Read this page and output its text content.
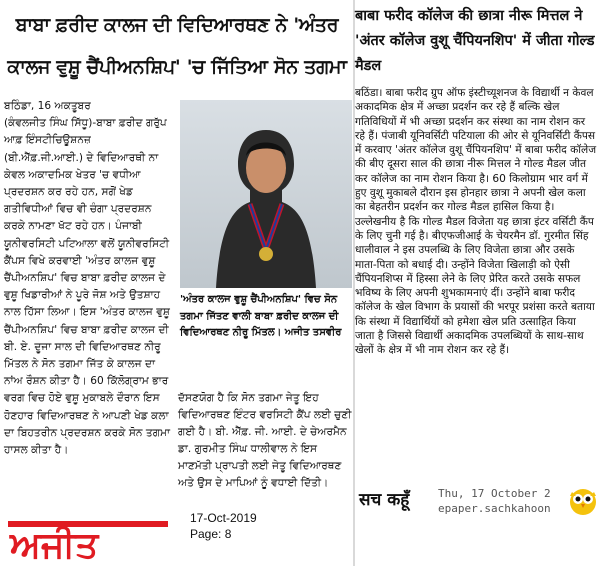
ਬਾਬਾ ਫ਼ਰੀਦ ਕਾਲਜ ਦੀ ਵਿਦਿਆਰਥਣ ਨੇ 'ਅੰਤਰ ਕਾਲਜ ਵੁਸ਼ੂ ਚੈਂਪੀਅਨਸ਼ਿਪ' 'ਚ ਜਿੱਤਿਆ ਸੋਨ ਤਗਮਾ
ਬਠਿੰਡਾ, 16 ਅਕਤੂਬਰ
(ਕੰਵਲਜੀਤ ਸਿੰਘ ਸਿੱਧੂ)-ਬਾਬਾ ਫ਼ਰੀਦ ਗਰੁੱਪ ਆਫ਼ ਇੰਸਟੀਚਿਊਸ਼ਨਜ਼ (ਬੀ.ਐੱਫ਼.ਜੀ.ਆਈ.) ਦੇ ਵਿਦਿਆਰਥੀ ਨਾ ਕੇਵਲ ਅਕਾਦਮਿਕ ਖੇਤਰ 'ਚ ਵਧੀਆ ਪ੍ਰਦਰਸ਼ਨ ਕਰ ਰਹੇ ਹਨ, ਸਗੋਂ ਖੇਡ ਗਤੀਵਿਧੀਆਂ ਵਿਚ ਵੀ ਚੰਗਾ ਪ੍ਰਦਰਸ਼ਨ ਕਰਕੇ ਨਾਮਣਾ ਖੱਟ ਰਹੇ ਹਨ। ਪੰਜਾਬੀ ਯੂਨੀਵਰਸਿਟੀ ਪਟਿਆਲਾ ਵਲੋਂ ਯੂਨੀਵਰਸਿਟੀ ਕੈਂਪਸ ਵਿਖੇ ਕਰਵਾਈ 'ਅੰਤਰ ਕਾਲਜ ਵੁਸ਼ੂ ਚੈਂਪੀਅਨਸ਼ਿਪ' ਵਿਚ ਬਾਬਾ ਫ਼ਰੀਦ ਕਾਲਜ ਦੇ ਵੁਸ਼ੂ ਖਿਡਾਰੀਆਂ ਨੇ ਪੂਰੇ ਜੋਸ਼ ਅਤੇ ਉਤਸ਼ਾਹ ਨਾਲ ਹਿੱਸਾ ਲਿਆ। ਇਸ 'ਅੰਤਰ ਕਾਲਜ ਵੁਸ਼ੂ ਚੈਂਪੀਅਨਸ਼ਿਪ' ਵਿਚ ਬਾਬਾ ਫ਼ਰੀਦ ਕਾਲਜ ਦੀ ਬੀ. ਏ. ਦੂਜਾ ਸਾਲ ਦੀ ਵਿਦਿਆਰਥਣ ਨੀਰੂ ਮਿੱਤਲ ਨੇ ਸੋਨ ਤਗਮਾ ਜਿੱਤ ਕੇ ਕਾਲਜ ਦਾ ਨਾਂਅ ਰੌਸ਼ਨ ਕੀਤਾ ਹੈ। 60 ਕਿੱਲੋਗ੍ਰਾਮ ਭਾਰ ਵਰਗ ਵਿਚ ਹੋਏ ਵੁਸ਼ੂ ਮੁਕਾਬਲੇ ਦੌਰਾਨ ਇਸ ਹੋਣਹਾਰ ਵਿਦਿਆਰਥਣ ਨੇ ਆਪਣੀ ਖੇਡ ਕਲਾ ਦਾ ਬਿਹਤਰੀਨ ਪ੍ਰਦਰਸ਼ਨ ਕਰਕੇ ਸੋਨ ਤਗਮਾ ਹਾਸਲ ਕੀਤਾ ਹੈ।
'ਅੰਤਰ ਕਾਲਜ ਵੁਸ਼ੂ ਚੈਂਪੀਅਨਸ਼ਿਪ' ਵਿਚ ਸੋਨ ਤਗਮਾ ਜਿੱਤਣ ਵਾਲੀ ਬਾਬਾ ਫ਼ਰੀਦ ਕਾਲਜ ਦੀ ਵਿਦਿਆਰਥਣ ਨੀਰੂ ਮਿੱਤਲ। ਅਜੀਤ ਤਸਵੀਰ
ਦੱਸਣਯੋਗ ਹੈ ਕਿ ਸੋਨ ਤਗਮਾ ਜੇਤੂ ਇਹ ਵਿਦਿਆਰਥਣ ਇੰਟਰ ਵਰਸਿਟੀ ਕੈਂਪ ਲਈ ਚੁਣੀ ਗਈ ਹੈ। ਬੀ. ਐੱਫ਼. ਜੀ. ਆਈ. ਦੇ ਚੇਅਰਮੈਨ ਡਾ. ਗੁਰਮੀਤ ਸਿੰਘ ਧਾਲੀਵਾਲ ਨੇ ਇਸ ਮਾਣਮੱਤੀ ਪ੍ਰਾਪਤੀ ਲਈ ਜੇਤੂ ਵਿਦਿਆਰਥਣ ਅਤੇ ਉਸ ਦੇ ਮਾਪਿਆਂ ਨੂੰ ਵਧਾਈ ਦਿੱਤੀ।
17-Oct-2019
Page: 8
ਅਜੀਤ
बाबा फरीद कॉलेज की छात्रा नीरू मित्तल ने 'अंतर कॉलेज वुशू चैंपियनशिप' में जीता गोल्ड मैडल
बठिंडा। बाबा फरीद ग्रुप ऑफ इंस्टीच्यूशनज के विद्यार्थी न केवल अकादमिक क्षेत्र में अच्छा प्रदर्शन कर रहे हैं बल्कि खेल गतिविधियों में भी अच्छा प्रदर्शन कर संस्था का नाम रोशन कर रहे हैं। पंजाबी यूनिवर्सिटी पटियाला की ओर से यूनिवर्सिटी कैंपस में करवाए 'अंतर कॉलेज वुशू चैंपियनशिप' में बाबा फरीद कॉलेज की बीए दूसरा साल की छात्रा नीरू मित्तल ने गोल्ड मैडल जीत कर कॉलेज का नाम रोशन किया है। 60 किलोग्राम भार वर्ग में हुए वुशू मुकाबले दौरान इस होनहार छात्रा ने अपनी खेल कला का बेहतरीन प्रदर्शन कर गोल्ड मैडल हासिल किया है। उल्लेखनीय है कि गोल्ड मैडल विजेता यह छात्रा इंटर वर्सिटी कैंप के लिए चुनी गई है। बीएफजीआई के चेयरमैन डॉ. गुरमीत सिंह धालीवाल ने इस उपलब्धि के लिए विजेता छात्रा और उसके माता-पिता को बधाई दी। उन्होंने विजेता खिलाड़ी को ऐसी चैंपियनशिप्स में हिस्सा लेने के लिए प्रेरित करते उसके सफल भविष्य के लिए अपनी शुभकामनाएं दीं। उन्होंने बाबा फरीद कॉलेज के खेल विभाग के प्रयासों की भरपूर प्रशंसा करते बताया कि संस्था में विद्यार्थियों को हमेशा खेल प्रति उत्साहित किया जाता है जिससे विद्यार्थी अकादमिक उपलब्धियों के साथ-साथ खेलों के क्षेत्र में भी नाम रोशन कर रहे हैं।
सच कहूँ	Thu, 17 October 2
epaper.sachkahoon
